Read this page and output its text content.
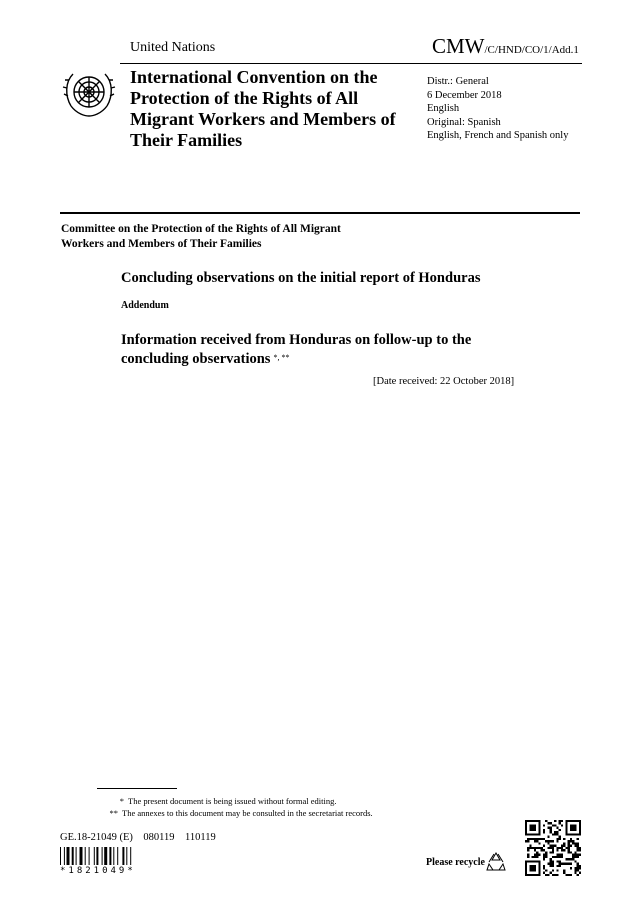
United Nations	CMW/C/HND/CO/1/Add.1
International Convention on the Protection of the Rights of All Migrant Workers and Members of Their Families
Distr.: General
6 December 2018
English
Original: Spanish
English, French and Spanish only
Committee on the Protection of the Rights of All Migrant Workers and Members of Their Families
Concluding observations on the initial report of Honduras
Addendum
Information received from Honduras on follow-up to the concluding observations *, **
[Date received: 22 October 2018]
* The present document is being issued without formal editing.
** The annexes to this document may be consulted in the secretariat records.
GE.18-21049 (E)    080119    110119
*1821049*
Please recycle
